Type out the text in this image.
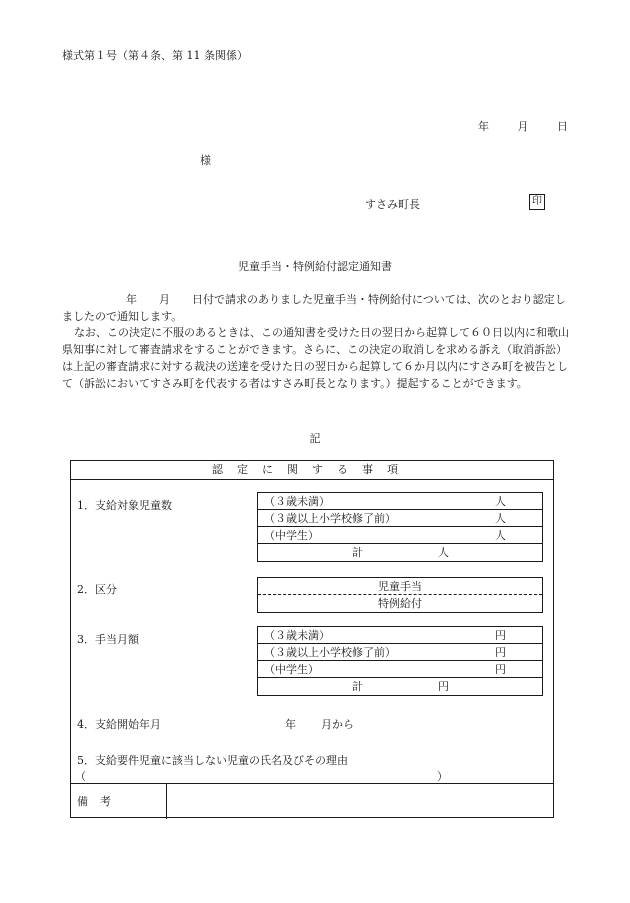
様式第１号（第４条、第 11 条関係）
年	月	日
様
すさみ町長	印
児童手当・特例給付認定通知書
年　　月　　日付で請求のありました児童手当・特例給付については、次のとおり認定しましたので通知します。
なお、この決定に不服のあるときは、この通知書を受けた日の翌日から起算して６０日以内に和歌山県知事に対して審査請求をすることができます。さらに、この決定の取消しを求める訴え（取消訴訟）は上記の審査請求に対する裁決の送達を受けた日の翌日から起算して６か月以内にすさみ町を被告として（訴訟においてすさみ町を代表する者はすさみ町長となります。）提起することができます。
記
認定に関する事項
1．支給対象児童数	（３歳未満）	人
（３歳以上小学校修了前）	人
（中学生）	人
計	人
2．区分	児童手当
特例給付
3．手当月額	（３歳未満）	円
（３歳以上小学校修了前）	円
（中学生）	円
計	円
4．支給開始年月	年 月から
5．支給要件児童に該当しない児童の氏名及びその理由
（	）
備考
